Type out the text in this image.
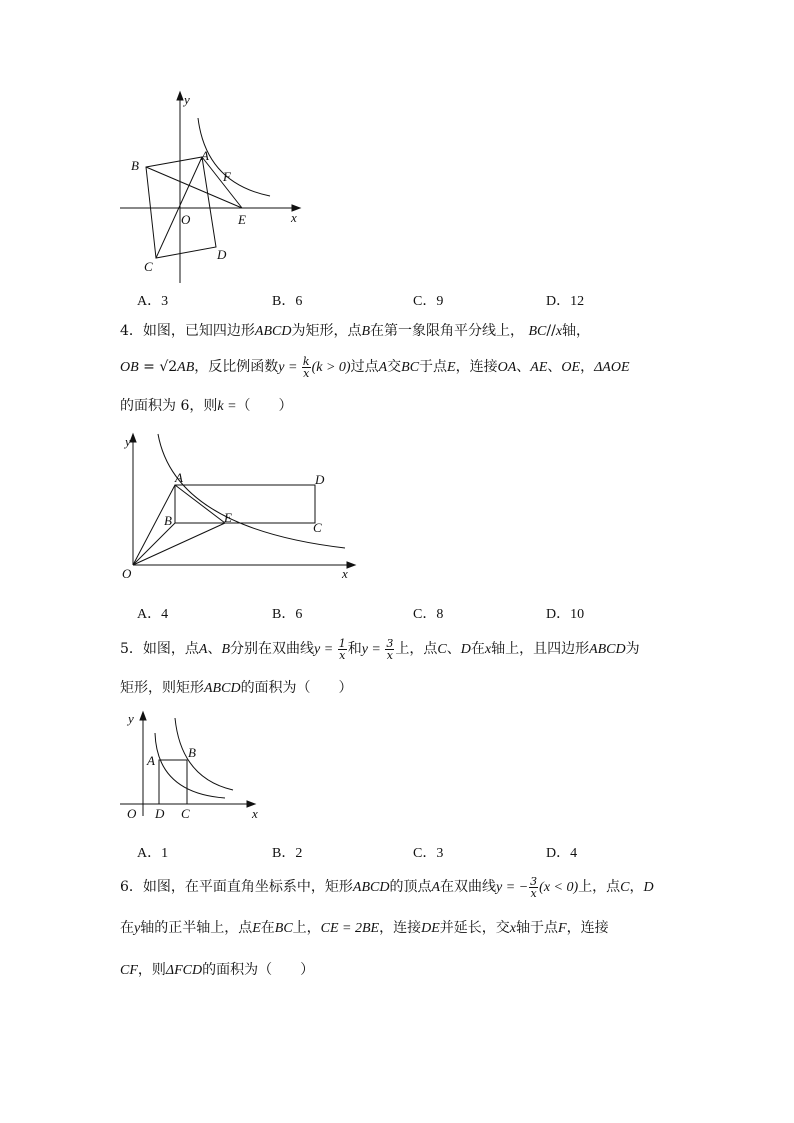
y
x
B
A
F
O	E
D
C
A．3	B．6	C．9	D．12
4．如图，已知四边形ABCD为矩形，点B在第一象限角平分线上， BC//x轴，
OB = √2AB，反比例函数$y = \frac{k}{x} (k > 0)$过点A交BC于点E，连接OA、AE、OE，ΔAOE
的面积为 6，则k =（　　）
y
A	D
B	E
C
O	x
A．4	B．6	C．8	D．10
5．如图，点A、B分别在双曲线$y = \frac{1}{x}$ 和$y = \frac{3}{x}$ 上，点C、D在x轴上，且四边形ABCD为
矩形，则矩形ABCD的面积为（　　）
y
A
B
O D C	x
A．1	B．2	C．3	D．4
6．如图，在平面直角坐标系中，矩形ABCD的顶点A在双曲线y = − $\frac{3}{x} (x < 0)$上，点C，D
在y轴的正半轴上，点E在BC上，CE = 2BE，连接DE并延长，交x轴于点F，连接
CF，则ΔFCD的面积为（　　）
